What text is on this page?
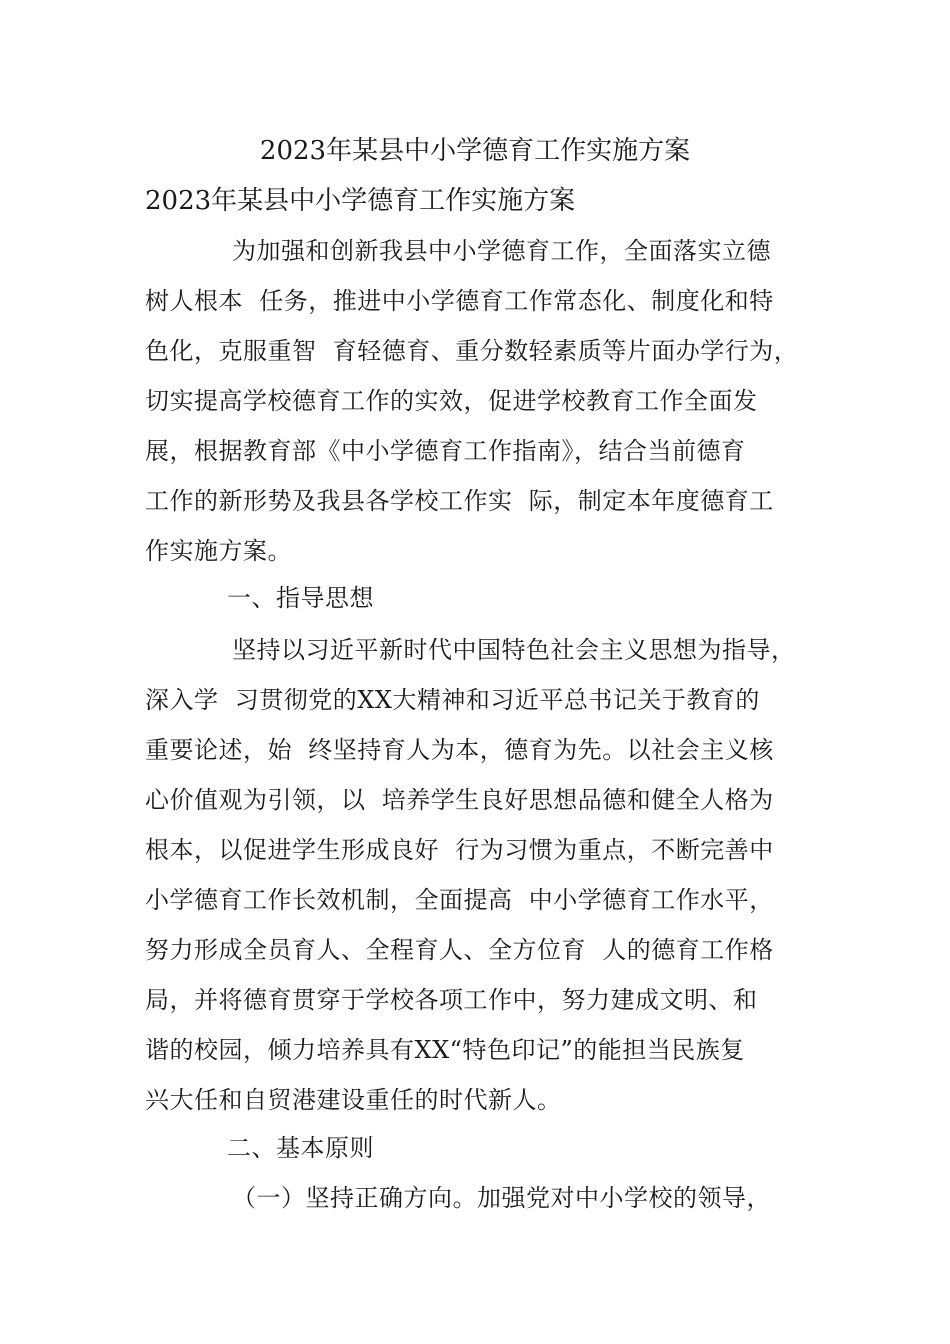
2023年某县中小学德育工作实施方案
2023年某县中小学德育工作实施方案
为加强和创新我县中小学德育工作，全面落实立德
树人根本  任务，推进中小学德育工作常态化、制度化和特
色化，克服重智  育轻德育、重分数轻素质等片面办学行为，
切实提高学校德育工作的实效，促进学校教育工作全面发
展，根据教育部《中小学德育工作指南》，结合当前德育
工作的新形势及我县各学校工作实  际，制定本年度德育工
作实施方案。
一、指导思想
坚持以习近平新时代中国特色社会主义思想为指导，
深入学  习贯彻党的XX大精神和习近平总书记关于教育的
重要论述，始  终坚持育人为本，德育为先。以社会主义核
心价值观为引领，以  培养学生良好思想品德和健全人格为
根本，以促进学生形成良好  行为习惯为重点，不断完善中
小学德育工作长效机制，全面提高  中小学德育工作水平，
努力形成全员育人、全程育人、全方位育  人的德育工作格
局，并将德育贯穿于学校各项工作中，努力建成文明、和
谐的校园，倾力培养具有XX“特色印记”的能担当民族复
兴大任和自贸港建设重任的时代新人。
二、基本原则
（一）坚持正确方向。加强党对中小学校的领导，
